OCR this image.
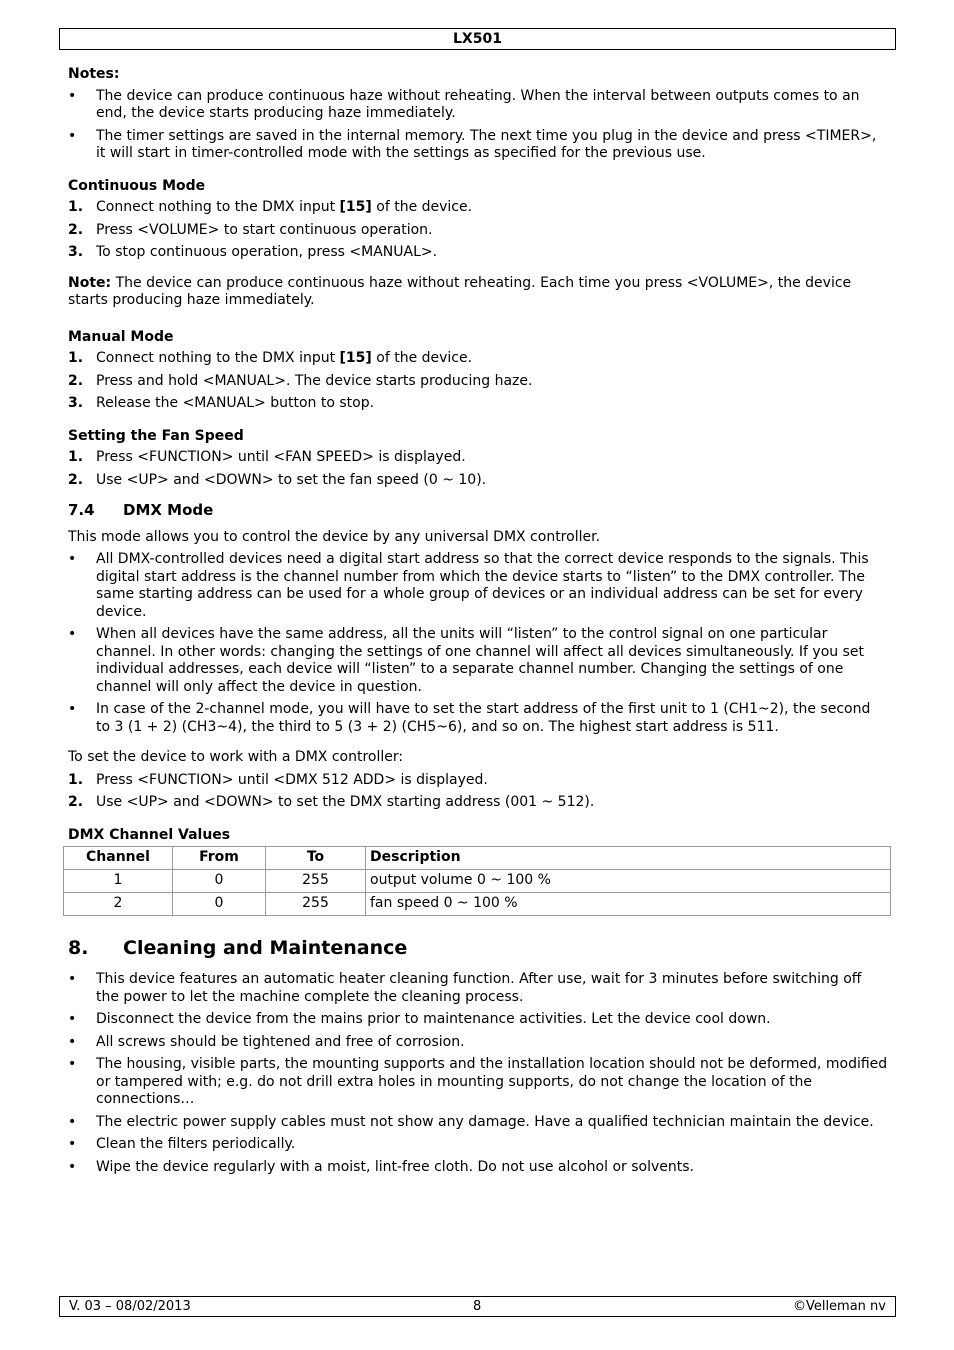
LX501
Notes:
• The device can produce continuous haze without reheating. When the interval between outputs comes to an end, the device starts producing haze immediately.
• The timer settings are saved in the internal memory. The next time you plug in the device and press <TIMER>, it will start in timer-controlled mode with the settings as specified for the previous use.
Continuous Mode
1. Connect nothing to the DMX input [15] of the device.
2. Press <VOLUME> to start continuous operation.
3. To stop continuous operation, press <MANUAL>.

Note: The device can produce continuous haze without reheating. Each time you press <VOLUME>, the device starts producing haze immediately.

Manual Mode
1. Connect nothing to the DMX input [15] of the device.
2. Press and hold <MANUAL>. The device starts producing haze.
3. Release the <MANUAL> button to stop.
Setting the Fan Speed
1. Press <FUNCTION> until <FAN SPEED> is displayed.
2. Use <UP> and <DOWN> to set the fan speed (0 ~ 10).
7.4 DMX Mode

This mode allows you to control the device by any universal DMX controller.

• All DMX-controlled devices need a digital start address so that the correct device responds to the signals. This digital start address is the channel number from which the device starts to “listen” to the DMX controller. The same starting address can be used for a whole group of devices or an individual address can be set for every device.
• When all devices have the same address, all the units will “listen” to the control signal on one particular channel. In other words: changing the settings of one channel will affect all devices simultaneously. If you set individual addresses, each device will “listen” to a separate channel number. Changing the settings of one channel will only affect the device in question.
• In case of the 2-channel mode, you will have to set the start address of the first unit to 1 (CH1~2), the second to 3 (1 + 2) (CH3~4), the third to 5 (3 + 2) (CH5~6), and so on. The highest start address is 511.

To set the device to work with a DMX controller:

1. Press <FUNCTION> until <DMX 512 ADD> is displayed.
2. Use <UP> and <DOWN> to set the DMX starting address (001 ~ 512).
DMX Channel Values
Channel	From	To	Description
1	0	255	output volume 0 ~ 100 %
2	0	255	fan speed 0 ~ 100 %
8. Cleaning and Maintenance
• This device features an automatic heater cleaning function. After use, wait for 3 minutes before switching off the power to let the machine complete the cleaning process.
• Disconnect the device from the mains prior to maintenance activities. Let the device cool down.
• All screws should be tightened and free of corrosion.
• The housing, visible parts, the mounting supports and the installation location should not be deformed, modified or tampered with; e.g. do not drill extra holes in mounting supports, do not change the location of the connections…
• The electric power supply cables must not show any damage. Have a qualified technician maintain the device.
• Clean the filters periodically.
• Wipe the device regularly with a moist, lint-free cloth. Do not use alcohol or solvents.
V. 03 – 08/02/2013	8	©Velleman nv
